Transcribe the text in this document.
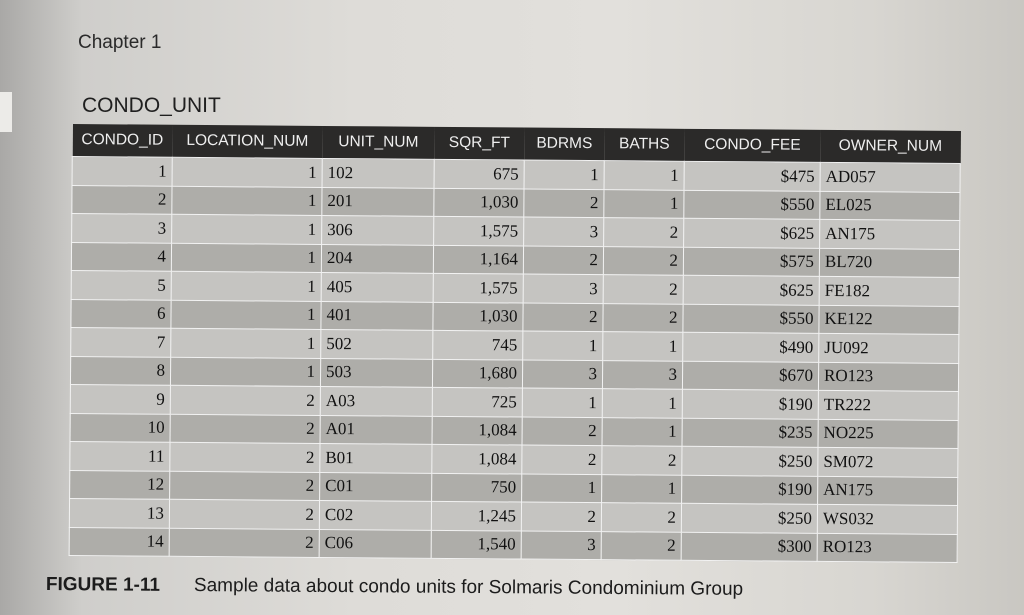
Chapter 1
CONDO_UNIT
CONDO_ID	LOCATION_NUM	UNIT_NUM	SQR_FT	BDRMS	BATHS	CONDO_FEE	OWNER_NUM
1	1	102	675	1	1	$475	AD057
2	1	201	1,030	2	1	$550	EL025
3	1	306	1,575	3	2	$625	AN175
4	1	204	1,164	2	2	$575	BL720
5	1	405	1,575	3	2	$625	FE182
6	1	401	1,030	2	2	$550	KE122
7	1	502	745	1	1	$490	JU092
8	1	503	1,680	3	3	$670	RO123
9	2	A03	725	1	1	$190	TR222
10	2	A01	1,084	2	1	$235	NO225
11	2	B01	1,084	2	2	$250	SM072
12	2	C01	750	1	1	$190	AN175
13	2	C02	1,245	2	2	$250	WS032
14	2	C06	1,540	3	2	$300	RO123
FIGURE 1-11 Sample data about condo units for Solmaris Condominium Group
